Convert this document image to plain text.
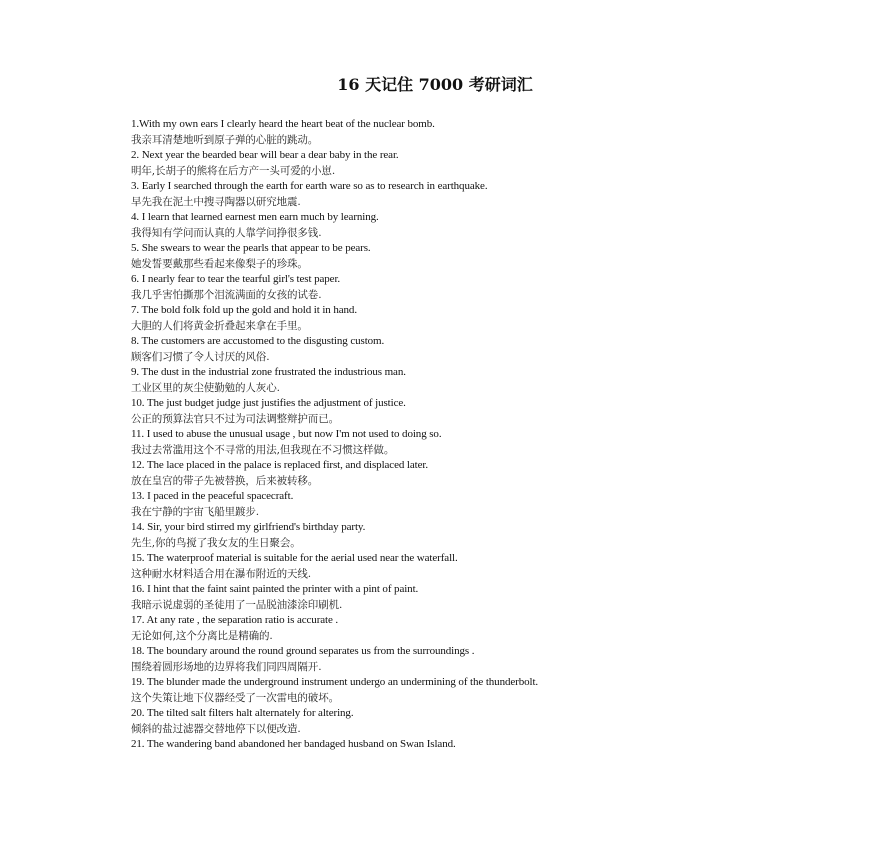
16 天记住 7000 考研词汇
1.With my own ears I clearly heard the heart beat of the nuclear bomb.
我亲耳清楚地听到原子弹的心脏的跳动。
2. Next year the bearded bear will bear a dear baby in the rear.
明年,长胡子的熊将在后方产一头可爱的小崽.
3. Early I searched through the earth for earth ware so as to research in earthquake.
早先我在泥土中搜寻陶器以研究地震.
4. I learn that learned earnest men earn much by learning.
我得知有学问而认真的人靠学问挣很多钱.
5. She swears to wear the pearls that appear to be pears.
她发誓要戴那些看起来像梨子的珍珠。
6. I nearly fear to tear the tearful girl's test paper.
我几乎害怕撕那个泪流满面的女孩的试卷.
7. The bold folk fold up the gold and hold it in hand.
大胆的人们将黄金折叠起来拿在手里。
8. The customers are accustomed to the disgusting custom.
顾客们习惯了令人讨厌的风俗.
9. The dust in the industrial zone frustrated the industrious man.
工业区里的灰尘使勤勉的人灰心.
10. The just budget judge just justifies the adjustment of justice.
公正的预算法官只不过为司法调整辩护而已。
11. I used to abuse the unusual usage , but now I'm not used to doing so.
我过去常滥用这个不寻常的用法,但我现在不习惯这样做。
12. The lace placed in the palace is replaced first, and displaced later.
放在皇宫的带子先被替换，后来被转移。
13. I paced in the peaceful spacecraft.
我在宁静的宇宙飞船里踱步.
14. Sir, your bird stirred my girlfriend's birthday party.
先生,你的鸟搅了我女友的生日聚会。
15. The waterproof material is suitable for the aerial used near the waterfall.
这种耐水材料适合用在瀑布附近的天线.
16. I hint that the faint saint painted the printer with a pint of paint.
我暗示说虚弱的圣徒用了一品脱油漆涂印刷机.
17. At any rate , the separation ratio is accurate .
无论如何,这个分离比是精确的.
18. The boundary around the round ground separates us from the surroundings .
围绕着圆形场地的边界将我们同四周隔开.
19. The blunder made the underground instrument undergo an undermining of the thunderbolt.
这个失策让地下仪器经受了一次雷电的破坏。
20. The tilted salt filters halt alternately for altering.
倾斜的盐过滤器交替地停下以便改造.
21. The wandering band abandoned her bandaged husband on Swan Island.
